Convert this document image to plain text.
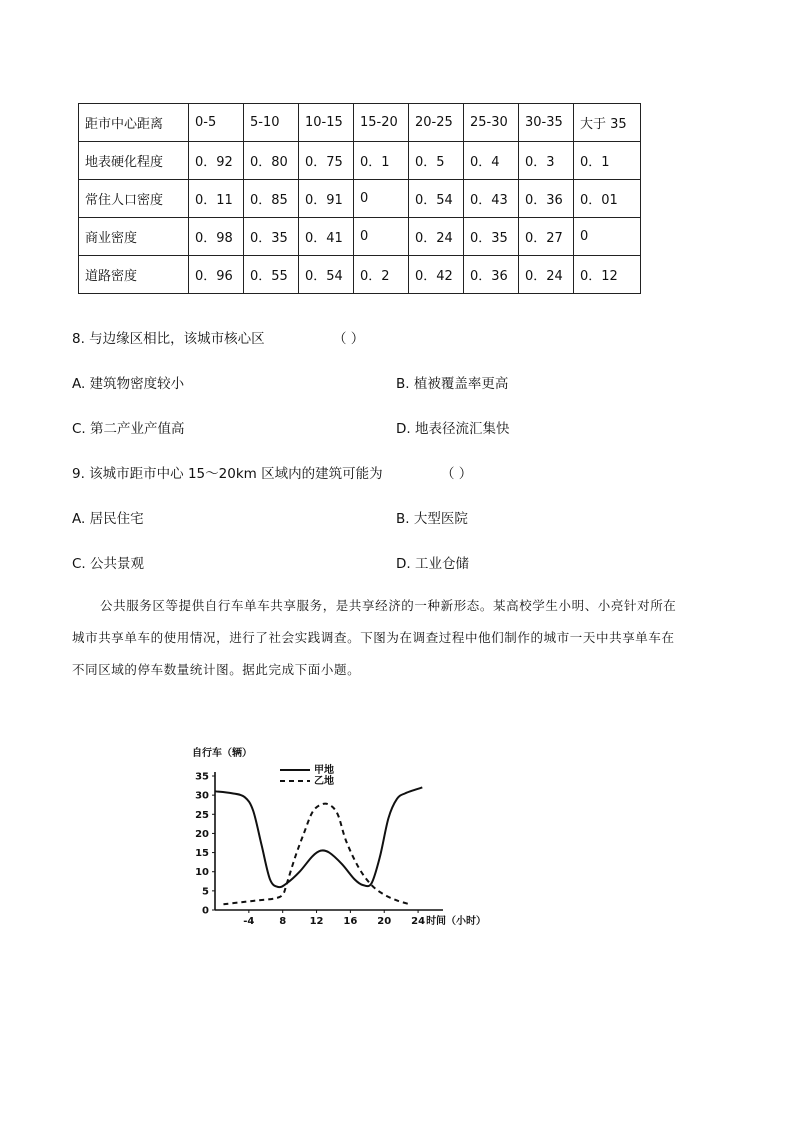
距市中心距离	0-5	5-10	10-15	15-20	20-25	25-30	30-35	大于 35
地表硬化程度	0．92	0．80	0．75	0．1	0．5	0．4	0．3	0．1
常住人口密度	0．11	0．85	0．91	0	0．54	0．43	0．36	0．01
商业密度	0．98	0．35	0．41	0	0．24	0．35	0．27	0
道路密度	0．96	0．55	0．54	0．2	0．42	0．36	0．24	0．12
8. 与边缘区相比，该城市核心区	（ ）
A. 建筑物密度较小	B. 植被覆盖率更高
C. 第二产业产值高	D. 地表径流汇集快
9. 该城市距市中心 15～20km 区域内的建筑可能为	（ ）
A. 居民住宅	B. 大型医院
C. 公共景观	D. 工业仓储
公共服务区等提供自行车单车共享服务，是共享经济的一种新形态。某高校学生小明、小亮针对所在
城市共享单车的使用情况，进行了社会实践调查。下图为在调查过程中他们制作的城市一天中共享单车在
不同区域的停车数量统计图。据此完成下面小题。
0
5
10
15
20
25
30
35
-4 8 12 16 20 24
自行车（辆）
时间（小时）
甲地
乙地
